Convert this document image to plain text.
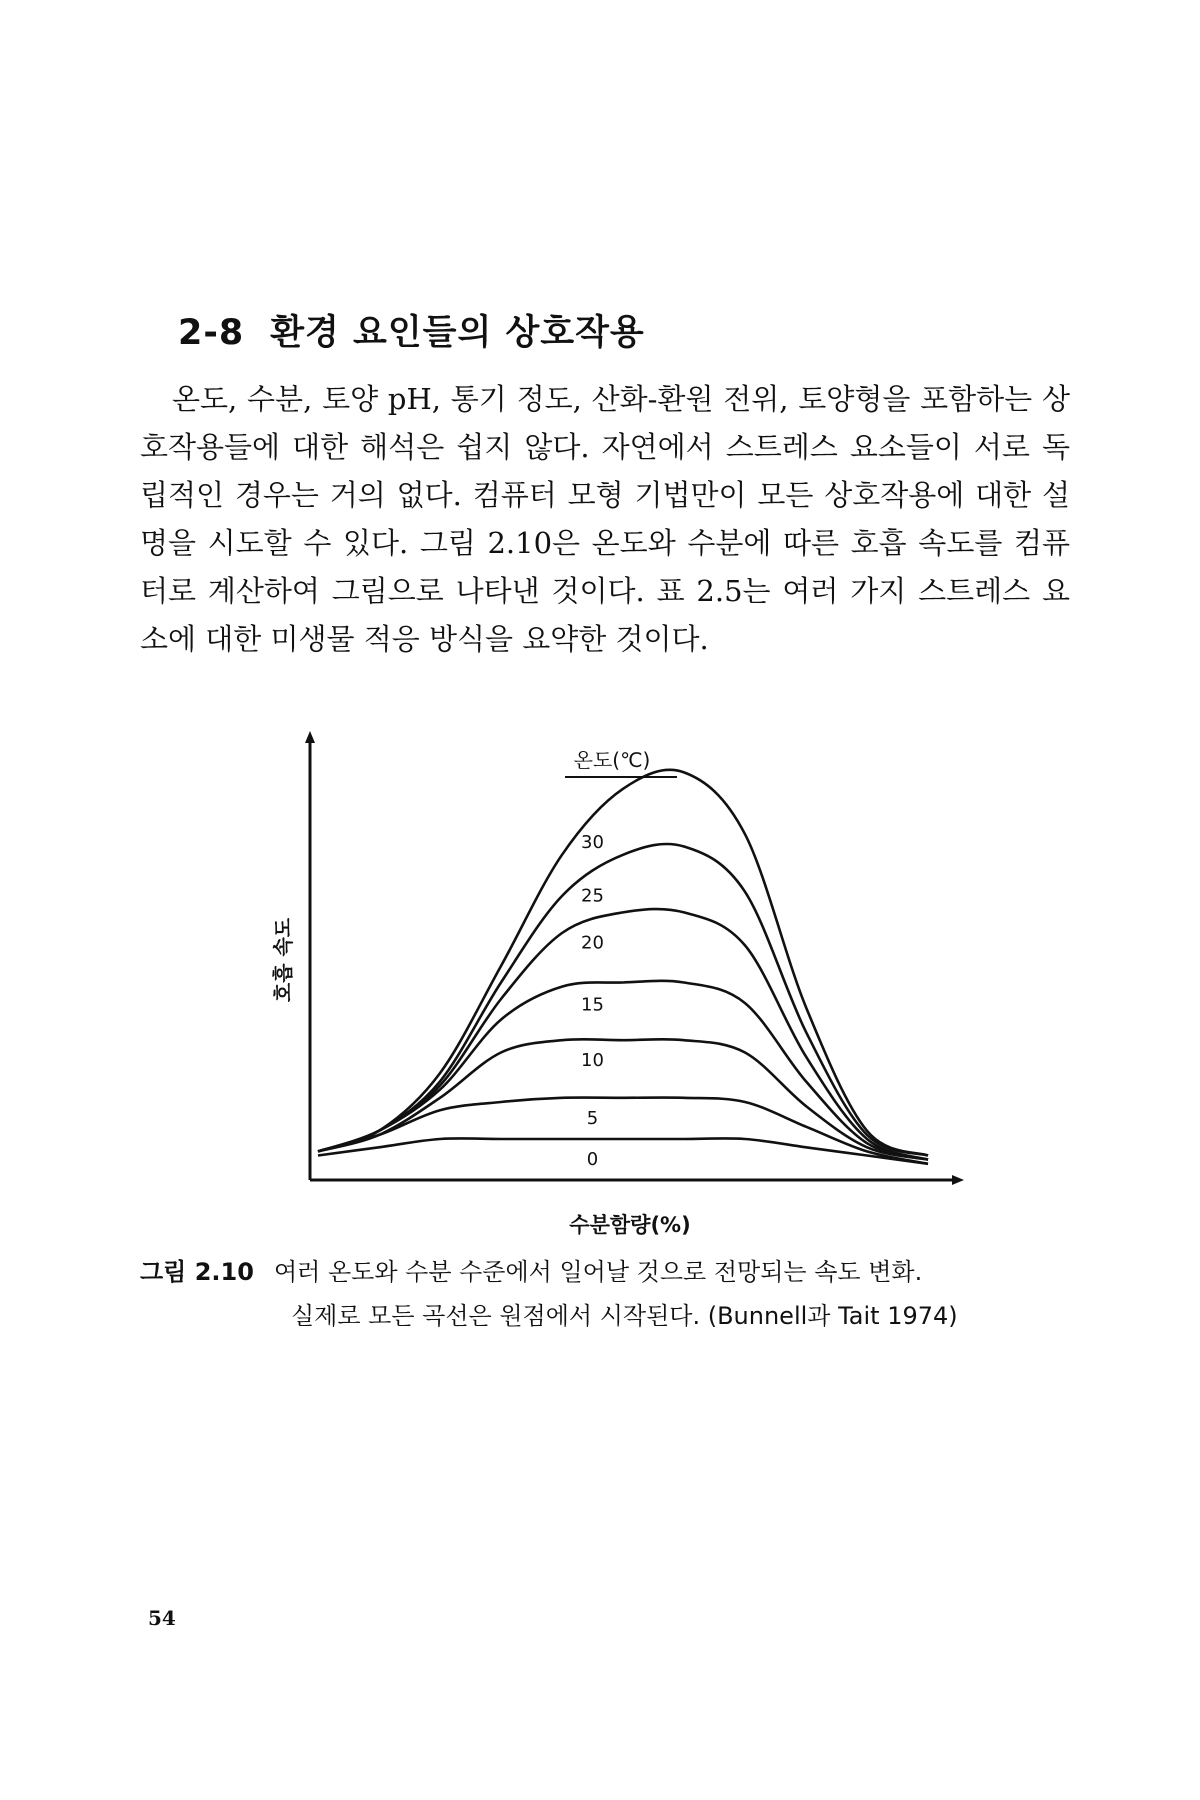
2-8 환경 요인들의 상호작용

온도, 수분, 토양 pH, 통기 정도, 산화-환원 전위, 토양형을 포함하는 상호작용들에 대한 해석은 쉽지 않다. 자연에서 스트레스 요소들이 서로 독립적인 경우는 거의 없다. 컴퓨터 모형 기법만이 모든 상호작용에 대한 설명을 시도할 수 있다. 그림 2.10은 온도와 수분에 따른 호흡 속도를 컴퓨터로 계산하여 그림으로 나타낸 것이다. 표 2.5는 여러 가지 스트레스 요소에 대한 미생물 적응 방식을 요약한 것이다.

호흡 속도
수분함량(%)
온도(℃)
30
25
20
15
10
5
0
그림 2.10 여러 온도와 수분 수준에서 일어날 것으로 전망되는 속도 변화.
실제로 모든 곡선은 원점에서 시작된다. (Bunnell과 Tait 1974)
54
